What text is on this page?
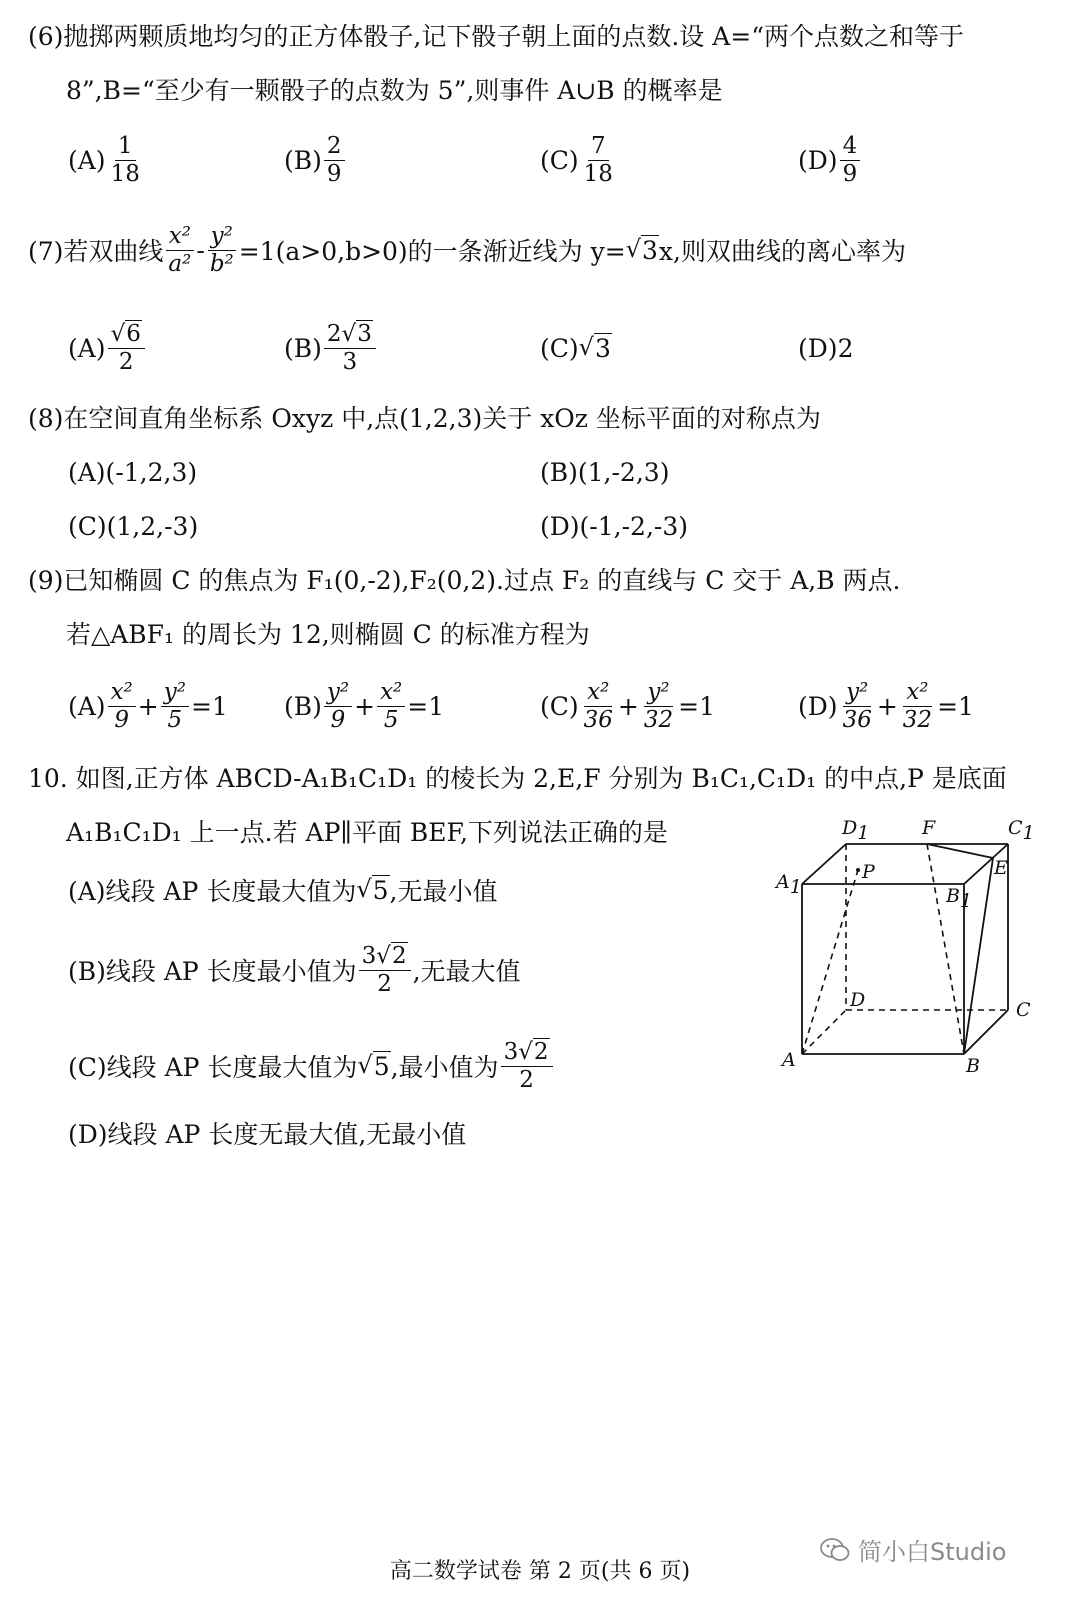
(6)抛掷两颗质地均匀的正方体骰子,记下骰子朝上面的点数.设 A=“两个点数之和等于
8”,B=“至少有一颗骰子的点数为 5”,则事件 A∪B 的概率是
$(A) \frac{1}{18}$	$(B) \frac{2}{9}$	$(C) \frac{7}{18}$	$(D) \frac{4}{9}$
(7)若双曲线 $\frac{\text{x²}}{\text{a²}} - \frac{\text{y²}}{\text{b²}} =1(a>0,b>0)$的一条渐近线为 y= √ 3 x,则双曲线的离心率为
$(A) \frac{√6}{2}$	$(B) \frac{2√3}{3}$	(C) √ 3	(D) 2
(8)在空间直角坐标系 Oxyz 中,点(1,2,3)关于 xOz 坐标平面的对称点为
(A)(-1,2,3)	(B)(1,-2,3)
(C)(1,2,-3)	(D)(-1,-2,-3)
(9)已知椭圆 C 的焦点为 F₁(0,-2),F₂(0,2).过点 F₂ 的直线与 C 交于 A,B 两点.
若△ABF₁ 的周长为 12,则椭圆 C 的标准方程为
$(A) \frac{\text{x²}}{9} + \frac{\text{y²}}{5} =1$ $(B) \frac{\text{y²}}{9} + \frac{\text{x²}}{5} =1$	$(C) \frac{\text{x²}}{36} + \frac{\text{y²}}{32} =1$	$(D) \frac{\text{y²}}{36} + \frac{\text{x²}}{32} =1$
10. 如图,正方体 ABCD-A₁B₁C₁D₁ 的棱长为 2,E,F 分别为 B₁C₁,C₁D₁ 的中点,P 是底面
A₁B₁C₁D₁ 上一点.若 AP∥平面 BEF,下列说法正确的是
(A)线段 AP 长度最大值为 √ 5 ,无最小值
(B)线段 AP 长度最小值为 $\frac{3√2}{2}$ ,无最大值
(C)线段 AP 长度最大值为 √ 5 ,最小值为 $\frac{3√2}{2}$
(D)线段 AP 长度无最大值,无最小值
D1	F	C1
E
A1
P
B1
D	C
A	B
简小白Studio
高二数学试卷 第 2 页(共 6 页)
